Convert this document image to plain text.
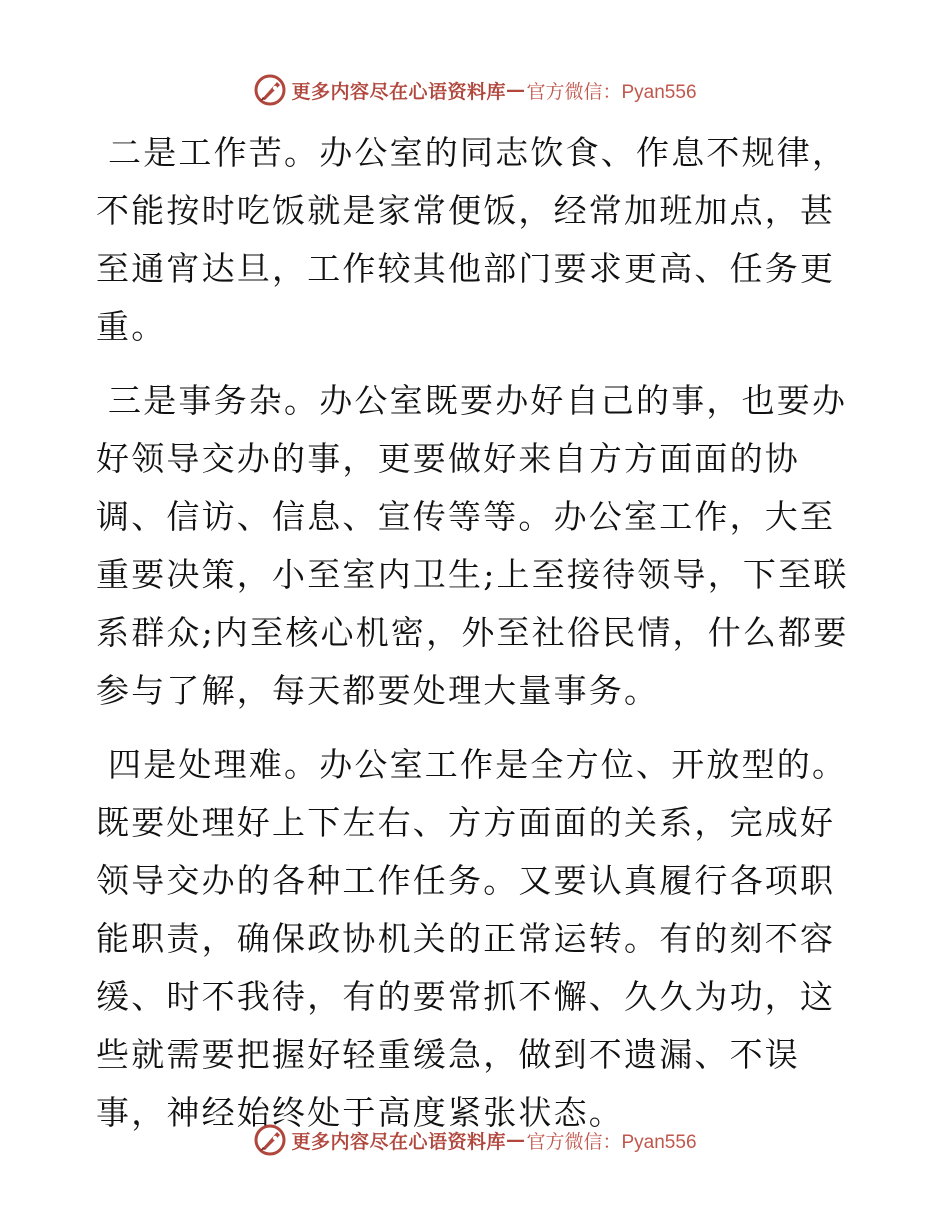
更多内容尽在心语资料库 — 官方微信：Pyan556

二是工作苦。办公室的同志饮食、作息不规律，不能按时吃饭就是家常便饭，经常加班加点，甚至通宵达旦，工作较其他部门要求更高、任务更重。

三是事务杂。办公室既要办好自己的事，也要办好领导交办的事，更要做好来自方方面面的协调、信访、信息、宣传等等。办公室工作，大至重要决策，小至室内卫生;上至接待领导，下至联系群众;内至核心机密，外至社俗民情，什么都要参与了解，每天都要处理大量事务。

四是处理难。办公室工作是全方位、开放型的。既要处理好上下左右、方方面面的关系，完成好领导交办的各种工作任务。又要认真履行各项职能职责，确保政协机关的正常运转。有的刻不容缓、时不我待，有的要常抓不懈、久久为功，这些就需要把握好轻重缓急，做到不遗漏、不误事，神经始终处于高度紧张状态。

更多内容尽在心语资料库 — 官方微信：Pyan556
